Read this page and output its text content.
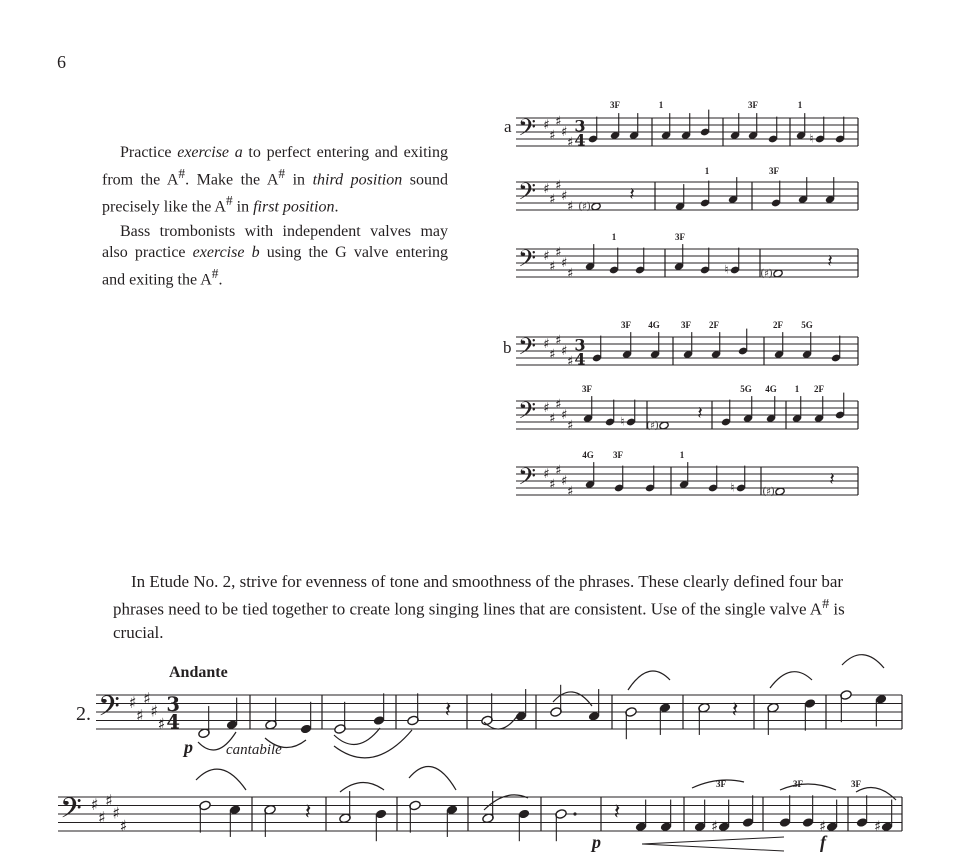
6

Practice exercise a to perfect entering and exiting from the A#. Make the A# in third position sound precisely like the A# in first position.

Bass trombonists with independent valves may also practice exercise b using the G valve entering and exiting the A#.

a
b

In Etude No. 2, strive for evenness of tone and smoothness of the phrases. These clearly defined four bar phrases need to be tied together to create long singing lines that are consistent. Use of the single valve A# is crucial.

𝄢 ♯
♯
♯
♯
♯
3
4	♮
3F	1	3F	1
𝄢 ♯
♯
♯
♯
♯ (♯)
𝄽
1	3F
𝄢 ♯
♯
♯
♯
♯	♮	(♯)
𝄽
1	3F
𝄢 ♯
♯
♯
♯
♯
3
4
3F 4G 3F 2F	2F 5G
𝄢 ♯
♯
♯
♯
♯	♮ (♯)
𝄽
3F	5G 4G 1 2F
𝄢 ♯
♯
♯
♯
♯	♮	(♯)
𝄽
4G 3F	1
2.
Andante
𝄢 ♯
♯
♯
♯
♯
3
4	𝄽	𝄽
p cantabile
𝄢 ♯
♯
♯
♯
♯
𝄽	𝄽
♯	♯	♯
3F	3F	3F
p	f
